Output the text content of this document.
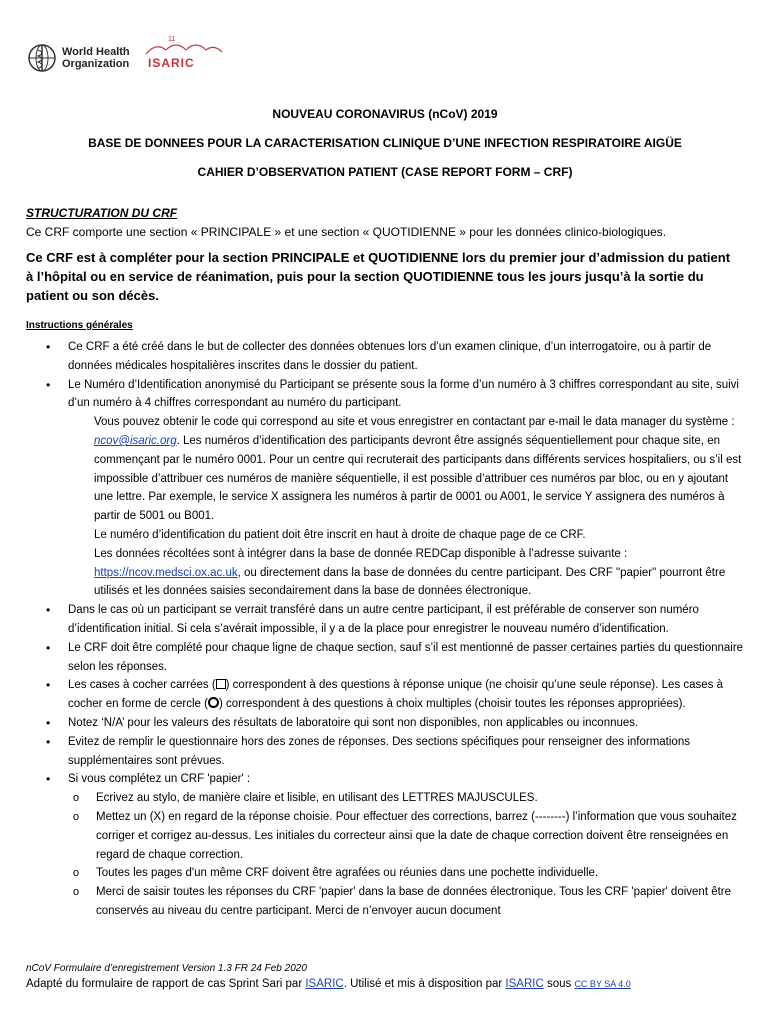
World Health
Organization
11
ISARIC
NOUVEAU CORONAVIRUS (nCoV) 2019
BASE DE DONNEES POUR LA CARACTERISATION CLINIQUE D’UNE INFECTION RESPIRATOIRE AIGÜE
CAHIER D’OBSERVATION PATIENT (CASE REPORT FORM – CRF)
STRUCTURATION DU CRF
Ce CRF comporte une section « PRINCIPALE » et une section « QUOTIDIENNE » pour les données clinico-biologiques.
Ce CRF est à compléter pour la section PRINCIPALE et QUOTIDIENNE lors du premier jour d’admission du patient à l’hôpital ou en service de réanimation, puis pour la section QUOTIDIENNE tous les jours jusqu’à la sortie du patient ou son décès.
Instructions générales
• Ce CRF a été créé dans le but de collecter des données obtenues lors d’un examen clinique, d’un interrogatoire, ou à partir de données médicales hospitalières inscrites dans le dossier du patient.
• Le Numéro d’Identification anonymisé du Participant se présente sous la forme d’un numéro à 3 chiffres correspondant au site, suivi d’un numéro à 4 chiffres correspondant au numéro du participant.
Vous pouvez obtenir le code qui correspond au site et vous enregistrer en contactant par e-mail le data manager du système : ncov@isaric.org. Les numéros d’identification des participants devront être assignés séquentiellement pour chaque site, en commençant par le numéro 0001. Pour un centre qui recruterait des participants dans différents services hospitaliers, ou s’il est impossible d’attribuer ces numéros de manière séquentielle, il est possible d’attribuer ces numéros par bloc, ou en y ajoutant une lettre. Par exemple, le service X assignera les numéros à partir de 0001 ou A001, le service Y assignera des numéros à partir de 5001 ou B001.
Le numéro d’identification du patient doit être inscrit en haut à droite de chaque page de ce CRF.
Les données récoltées sont à intégrer dans la base de donnée REDCap disponible à l’adresse suivante : https://ncov.medsci.ox.ac.uk, ou directement dans la base de données du centre participant. Des CRF "papier" pourront être utilisés et les données saisies secondairement dans la base de données électronique.
• Dans le cas où un participant se verrait transféré dans un autre centre participant, il est préférable de conserver son numéro d’identification initial. Si cela s’avérait impossible, il y a de la place pour enregistrer le nouveau numéro d’identification.
• Le CRF doit être complété pour chaque ligne de chaque section, sauf s’il est mentionné de passer certaines parties du questionnaire selon les réponses.
• Les cases à cocher carrées ( ) correspondent à des questions à réponse unique (ne choisir qu’une seule réponse). Les cases à cocher en forme de cercle ( ) correspondent à des questions à choix multiples (choisir toutes les réponses appropriées).
• Notez ‘N/A’ pour les valeurs des résultats de laboratoire qui sont non disponibles, non applicables ou inconnues.
• Evitez de remplir le questionnaire hors des zones de réponses. Des sections spécifiques pour renseigner des informations supplémentaires sont prévues.
• Si vous complétez un CRF 'papier' :
o Ecrivez au stylo, de manière claire et lisible, en utilisant des LETTRES MAJUSCULES.
o Mettez un (X) en regard de la réponse choisie. Pour effectuer des corrections, barrez (--------) l’information que vous souhaitez corriger et corrigez au-dessus. Les initiales du correcteur ainsi que la date de chaque correction doivent être renseignées en regard de chaque correction.
o Toutes les pages d'un même CRF doivent être agrafées ou réunies dans une pochette individuelle.
o Merci de saisir toutes les réponses du CRF 'papier' dans la base de données électronique. Tous les CRF 'papier' doivent être conservés au niveau du centre participant. Merci de n’envoyer aucun document
nCoV Formulaire d’enregistrement Version 1.3 FR 24 Feb 2020
Adapté du formulaire de rapport de cas Sprint Sari par ISARIC. Utilisé et mis à disposition par ISARIC sous CC BY SA 4.0
